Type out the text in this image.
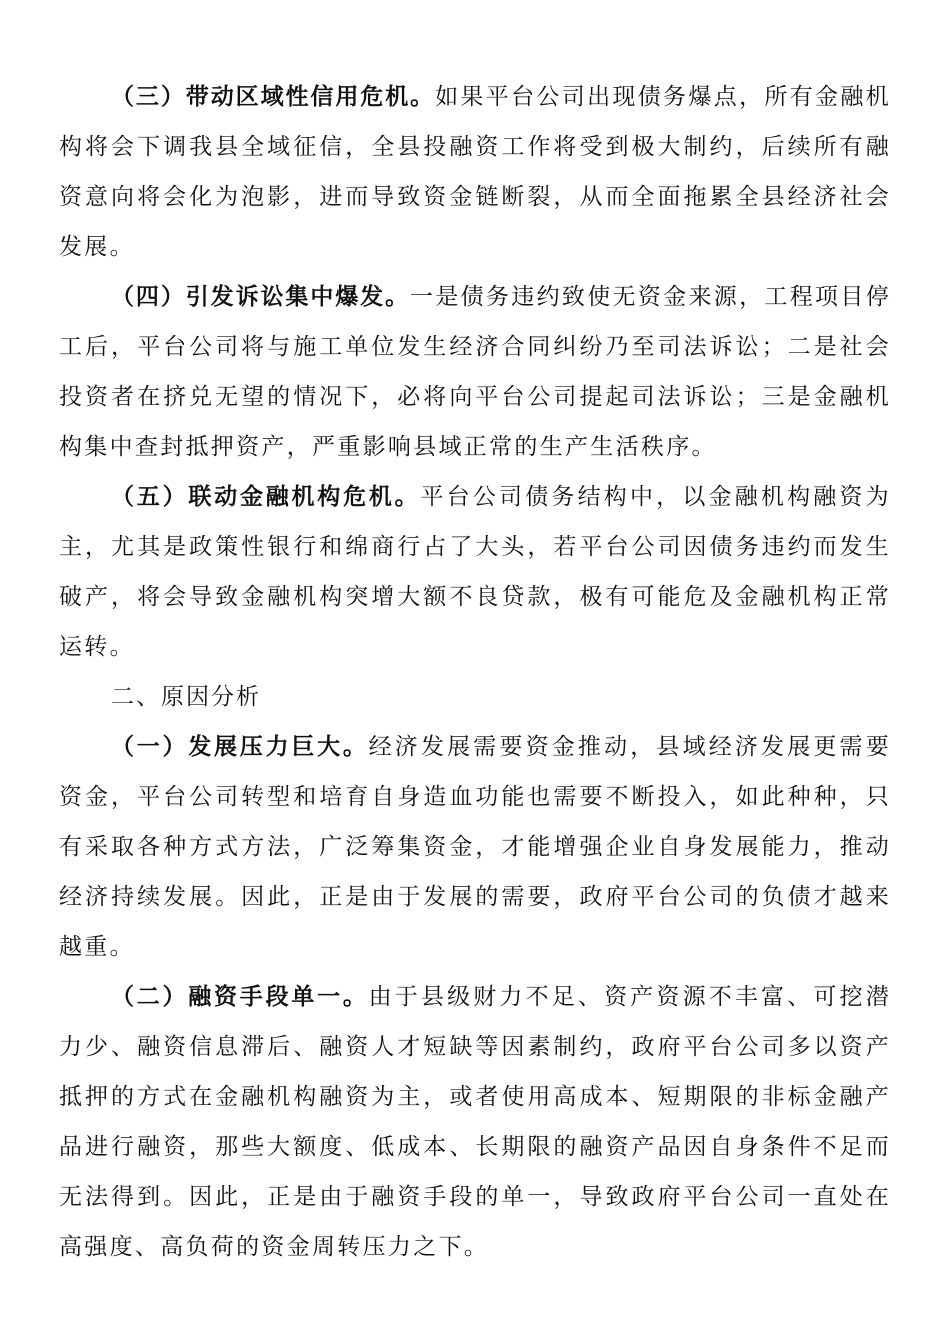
（三）带动区域性信用危机。如果平台公司出现债务爆点，所有金融机构将会下调我县全域征信，全县投融资工作将受到极大制约，后续所有融资意向将会化为泡影，进而导致资金链断裂，从而全面拖累全县经济社会发展。

（四）引发诉讼集中爆发。一是债务违约致使无资金来源，工程项目停工后，平台公司将与施工单位发生经济合同纠纷乃至司法诉讼；二是社会投资者在挤兑无望的情况下，必将向平台公司提起司法诉讼；三是金融机构集中查封抵押资产，严重影响县域正常的生产生活秩序。

（五）联动金融机构危机。平台公司债务结构中，以金融机构融资为主，尤其是政策性银行和绵商行占了大头，若平台公司因债务违约而发生破产，将会导致金融机构突增大额不良贷款，极有可能危及金融机构正常运转。

二、原因分析

（一）发展压力巨大。经济发展需要资金推动，县域经济发展更需要资金，平台公司转型和培育自身造血功能也需要不断投入，如此种种，只有采取各种方式方法，广泛筹集资金，才能增强企业自身发展能力，推动经济持续发展。因此，正是由于发展的需要，政府平台公司的负债才越来越重。

（二）融资手段单一。由于县级财力不足、资产资源不丰富、可挖潜力少、融资信息滞后、融资人才短缺等因素制约，政府平台公司多以资产抵押的方式在金融机构融资为主，或者使用高成本、短期限的非标金融产品进行融资，那些大额度、低成本、长期限的融资产品因自身条件不足而无法得到。因此，正是由于融资手段的单一，导致政府平台公司一直处在高强度、高负荷的资金周转压力之下。
